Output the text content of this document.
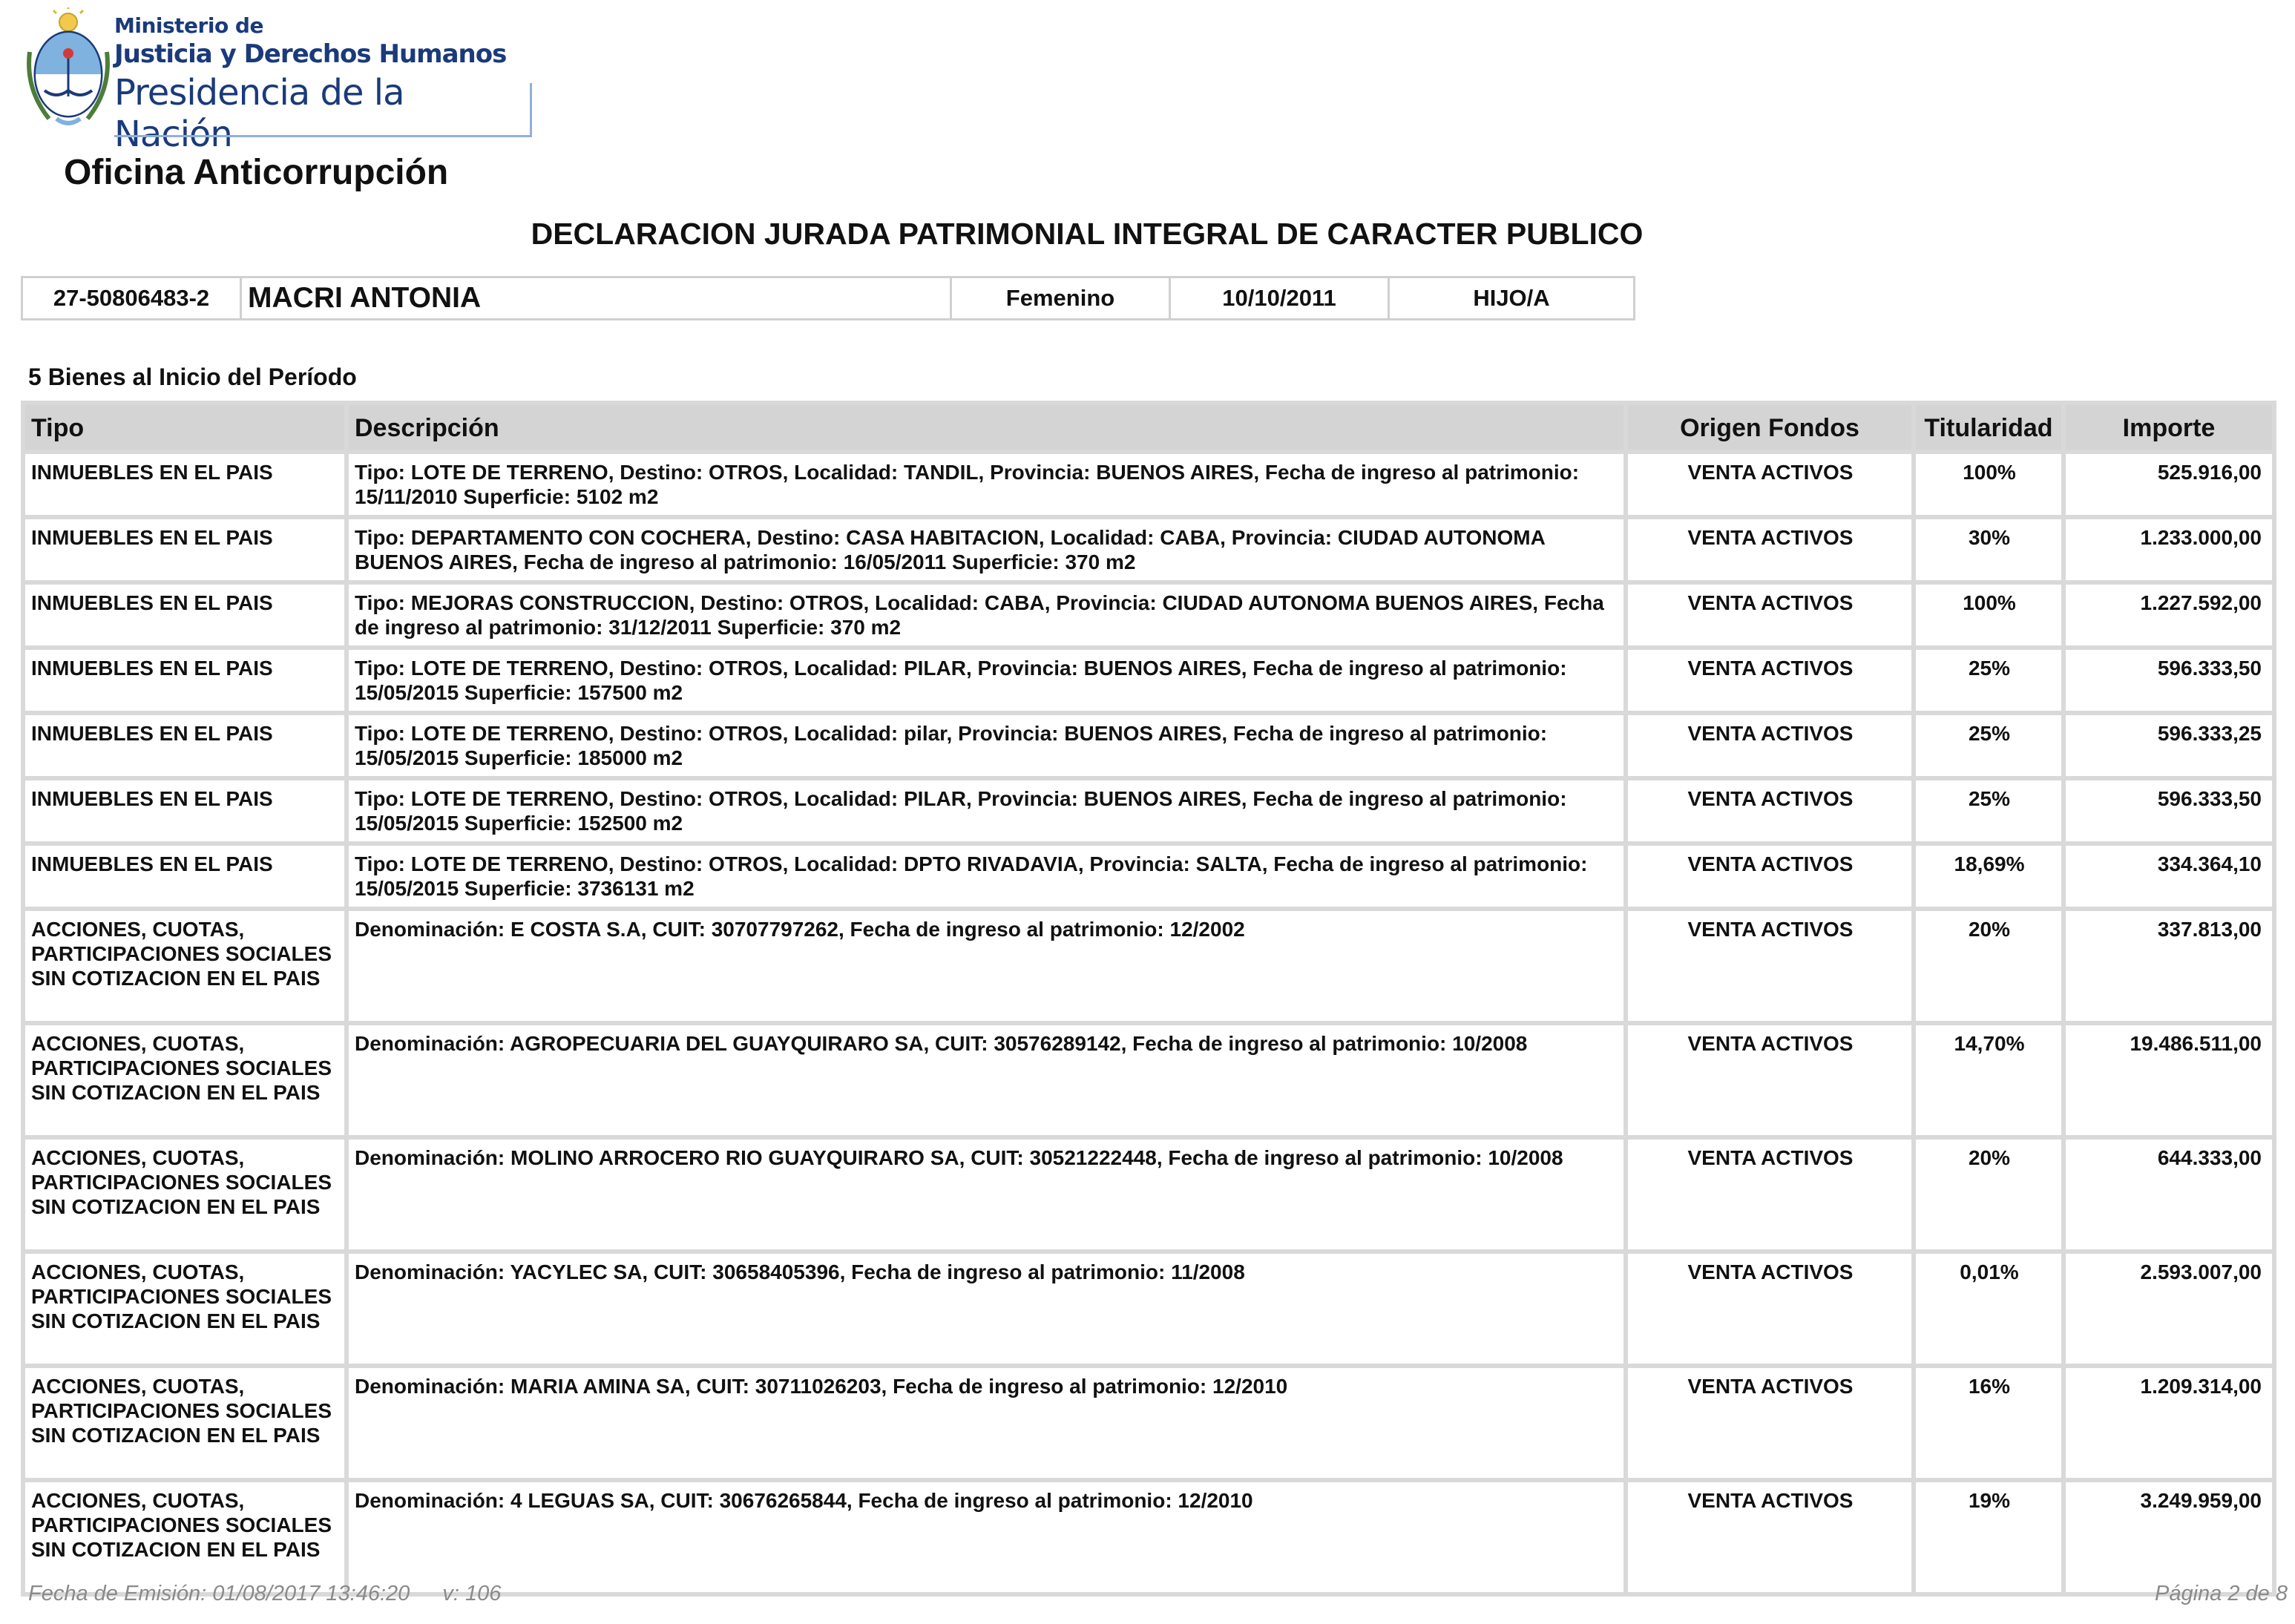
Ministerio de
Justicia y Derechos Humanos
Presidencia de la Nación
Oficina Anticorrupción
DECLARACION JURADA PATRIMONIAL INTEGRAL DE CARACTER PUBLICO
27-50806483-2	MACRI ANTONIA	Femenino	10/10/2011	HIJO/A
5 Bienes al Inicio del Período
Tipo	Descripción	Origen Fondos	Titularidad	Importe
INMUEBLES EN EL PAIS	Tipo: LOTE DE TERRENO, Destino: OTROS, Localidad: TANDIL, Provincia: BUENOS AIRES, Fecha de ingreso al patrimonio: 15/11/2010 Superficie: 5102 m2	VENTA ACTIVOS	100%	525.916,00
INMUEBLES EN EL PAIS	Tipo: DEPARTAMENTO CON COCHERA, Destino: CASA HABITACION, Localidad: CABA, Provincia: CIUDAD AUTONOMA BUENOS AIRES, Fecha de ingreso al patrimonio: 16/05/2011 Superficie: 370 m2	VENTA ACTIVOS	30%	1.233.000,00
INMUEBLES EN EL PAIS	Tipo: MEJORAS CONSTRUCCION, Destino: OTROS, Localidad: CABA, Provincia: CIUDAD AUTONOMA BUENOS AIRES, Fecha de ingreso al patrimonio: 31/12/2011 Superficie: 370 m2	VENTA ACTIVOS	100%	1.227.592,00
INMUEBLES EN EL PAIS	Tipo: LOTE DE TERRENO, Destino: OTROS, Localidad: PILAR, Provincia: BUENOS AIRES, Fecha de ingreso al patrimonio: 15/05/2015 Superficie: 157500 m2	VENTA ACTIVOS	25%	596.333,50
INMUEBLES EN EL PAIS	Tipo: LOTE DE TERRENO, Destino: OTROS, Localidad: pilar, Provincia: BUENOS AIRES, Fecha de ingreso al patrimonio: 15/05/2015 Superficie: 185000 m2	VENTA ACTIVOS	25%	596.333,25
INMUEBLES EN EL PAIS	Tipo: LOTE DE TERRENO, Destino: OTROS, Localidad: PILAR, Provincia: BUENOS AIRES, Fecha de ingreso al patrimonio: 15/05/2015 Superficie: 152500 m2	VENTA ACTIVOS	25%	596.333,50
INMUEBLES EN EL PAIS	Tipo: LOTE DE TERRENO, Destino: OTROS, Localidad: DPTO RIVADAVIA, Provincia: SALTA, Fecha de ingreso al patrimonio: 15/05/2015 Superficie: 3736131 m2	VENTA ACTIVOS	18,69%	334.364,10
ACCIONES, CUOTAS, PARTICIPACIONES SOCIALES SIN COTIZACION EN EL PAIS	Denominación: E COSTA S.A, CUIT: 30707797262, Fecha de ingreso al patrimonio: 12/2002	VENTA ACTIVOS	20%	337.813,00
ACCIONES, CUOTAS, PARTICIPACIONES SOCIALES SIN COTIZACION EN EL PAIS	Denominación: AGROPECUARIA DEL GUAYQUIRARO SA, CUIT: 30576289142, Fecha de ingreso al patrimonio: 10/2008	VENTA ACTIVOS	14,70%	19.486.511,00
ACCIONES, CUOTAS, PARTICIPACIONES SOCIALES SIN COTIZACION EN EL PAIS	Denominación: MOLINO ARROCERO RIO GUAYQUIRARO SA, CUIT: 30521222448, Fecha de ingreso al patrimonio: 10/2008	VENTA ACTIVOS	20%	644.333,00
ACCIONES, CUOTAS, PARTICIPACIONES SOCIALES SIN COTIZACION EN EL PAIS	Denominación: YACYLEC SA, CUIT: 30658405396, Fecha de ingreso al patrimonio: 11/2008	VENTA ACTIVOS	0,01%	2.593.007,00
ACCIONES, CUOTAS, PARTICIPACIONES SOCIALES SIN COTIZACION EN EL PAIS	Denominación: MARIA AMINA SA, CUIT: 30711026203, Fecha de ingreso al patrimonio: 12/2010	VENTA ACTIVOS	16%	1.209.314,00
ACCIONES, CUOTAS, PARTICIPACIONES SOCIALES SIN COTIZACION EN EL PAIS	Denominación: 4 LEGUAS SA, CUIT: 30676265844, Fecha de ingreso al patrimonio: 12/2010	VENTA ACTIVOS	19%	3.249.959,00
Fecha de Emisión: 01/08/2017 13:46:20 v: 106	Página 2 de 8
